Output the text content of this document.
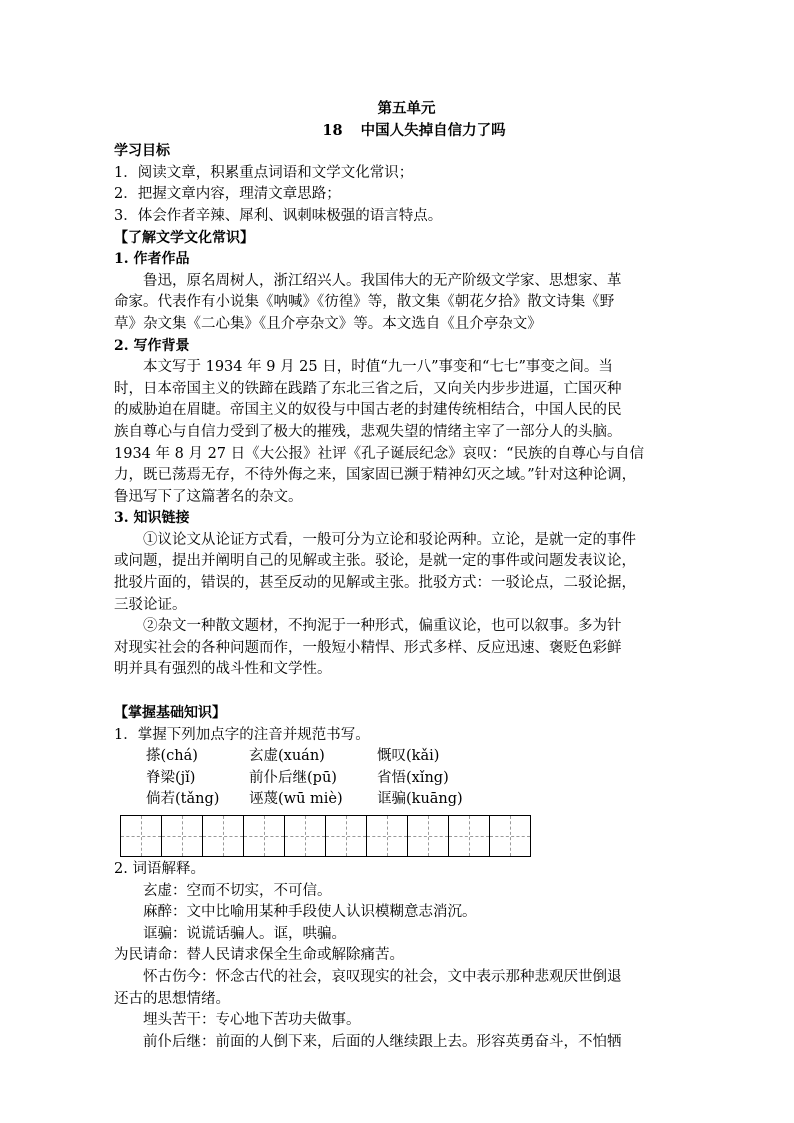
第五单元
18 中国人失掉自信力了吗
学习目标
1．阅读文章，积累重点词语和文学文化常识；
2．把握文章内容，理清文章思路；
3．体会作者辛辣、犀利、讽刺味极强的语言特点。
【了解文学文化常识】
1. 作者作品
鲁迅，原名周树人，浙江绍兴人。我国伟大的无产阶级文学家、思想家、革
命家。代表作有小说集《呐喊》《彷徨》等，散文集《朝花夕拾》散文诗集《野
草》杂文集《二心集》《且介亭杂文》等。本文选自《且介亭杂文》
2. 写作背景
本文写于 1934 年 9 月 25 日，时值“九一八”事变和“七七”事变之间。当
时，日本帝国主义的铁蹄在践踏了东北三省之后，又向关内步步进逼，亡国灭种
的威胁迫在眉睫。帝国主义的奴役与中国古老的封建传统相结合，中国人民的民
族自尊心与自信力受到了极大的摧残，悲观失望的情绪主宰了一部分人的头脑。
1934 年 8 月 27 日《大公报》社评《孔子诞辰纪念》哀叹：“民族的自尊心与自信
力，既已荡焉无存，不待外侮之来，国家固已濒于精神幻灭之域。”针对这种论调，
鲁迅写下了这篇著名的杂文。
3. 知识链接
①议论文从论证方式看，一般可分为立论和驳论两种。立论，是就一定的事件
或问题，提出并阐明自己的见解或主张。驳论，是就一定的事件或问题发表议论，
批驳片面的，错误的，甚至反动的见解或主张。批驳方式：一驳论点，二驳论据，
三驳论证。
②杂文一种散文题材，不拘泥于一种形式，偏重议论，也可以叙事。多为针
对现实社会的各种问题而作，一般短小精悍、形式多样、反应迅速、褒贬色彩鲜
明并具有强烈的战斗性和文学性。
【掌握基础知识】
1．掌握下列加点字的注音并规范书写。
搽(chá)	玄虚(xuán)	慨叹(kǎi)
脊梁(jǐ)	前仆后继(pū)	省悟(xǐng)
倘若(tǎng)	诬蔑(wū miè)	诓骗(kuāng)
2. 词语解释。
玄虚：空而不切实，不可信。
麻醉：文中比喻用某种手段使人认识模糊意志消沉。
诓骗：说谎话骗人。诓，哄骗。
为民请命：替人民请求保全生命或解除痛苦。
怀古伤今：怀念古代的社会，哀叹现实的社会，文中表示那种悲观厌世倒退
还古的思想情绪。
埋头苦干：专心地下苦功夫做事。
前仆后继：前面的人倒下来，后面的人继续跟上去。形容英勇奋斗，不怕牺
